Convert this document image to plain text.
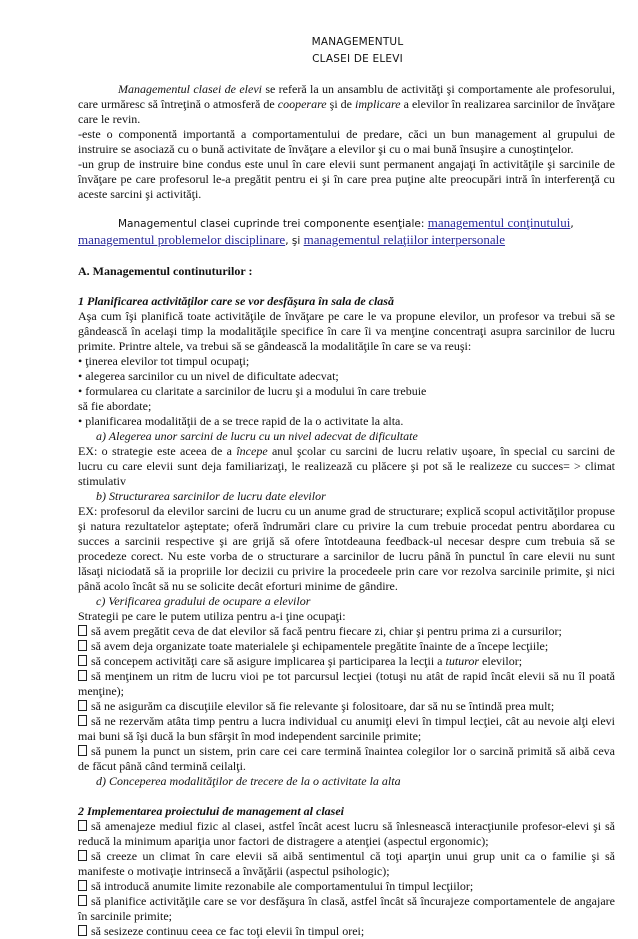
MANAGEMENTUL
CLASEI DE ELEVI

Managementul clasei de elevi se referă la un ansamblu de activităţi şi comportamente ale profesorului, care urmăresc să întreţină o atmosferă de cooperare şi de implicare a elevilor în realizarea sarcinilor de învăţare care le revin.

-este o componentă importantă a comportamentului de predare, căci un bun management al grupului de instruire se asociază cu o bună activitate de învăţare a elevilor şi cu o mai bună însuşire a cunoştinţelor.

-un grup de instruire bine condus este unul în care elevii sunt permanent angajaţi în activităţile şi sarcinile de învăţare pe care profesorul le-a pregătit pentru ei şi în care prea puţine alte preocupări intră în interferenţă cu aceste sarcini şi activităţi.

Managementul clasei cuprinde trei componente esenţiale: managementul conţinutului, managementul problemelor disciplinare, şi managementul relaţiilor interpersonale

A. Managementul continuturilor :

1 Planificarea activităţilor care se vor desfăşura în sala de clasă

Aşa cum îşi planifică toate activităţile de învăţare pe care le va propune elevilor, un profesor va trebui să se gândească în acelaşi timp la modalităţile specifice în care îi va menţine concentraţi asupra sarcinilor de lucru primite. Printre altele, va trebui să se gândească la modalităţile în care se va reuşi:

• ţinerea elevilor tot timpul ocupaţi;

• alegerea sarcinilor cu un nivel de dificultate adecvat;

• formularea cu claritate a sarcinilor de lucru şi a modului în care trebuie

să fie abordate;

• planificarea modalităţii de a se trece rapid de la o activitate la alta.

a) Alegerea unor sarcini de lucru cu un nivel adecvat de dificultate

EX: o strategie este aceea de a începe anul şcolar cu sarcini de lucru relativ uşoare, în special cu sarcini de lucru cu care elevii sunt deja familiarizaţi, le realizează cu plăcere şi pot să le realizeze cu succes= > climat stimulativ

b) Structurarea sarcinilor de lucru date elevilor

EX: profesorul da elevilor sarcini de lucru cu un anume grad de structurare; explică scopul activităţilor propuse şi natura rezultatelor aşteptate; oferă îndrumări clare cu privire la cum trebuie procedat pentru abordarea cu succes a sarcinii respective şi are grijă să ofere întotdeauna feedback-ul necesar despre cum trebuia să se procedeze corect. Nu este vorba de o structurare a sarcinilor de lucru până în punctul în care elevii nu sunt lăsaţi niciodată să ia propriile lor decizii cu privire la procedeele prin care vor rezolva sarcinile primite, şi nici până acolo încât să nu se solicite decât eforturi minime de gândire.

c) Verificarea gradului de ocupare a elevilor

Strategii pe care le putem utiliza pentru a-i ţine ocupaţi:

să avem pregătit ceva de dat elevilor să facă pentru fiecare zi, chiar şi pentru prima zi a cursurilor;

să avem deja organizate toate materialele şi echipamentele pregătite înainte de a începe lecţiile;

să concepem activităţi care să asigure implicarea şi participarea la lecţii a tuturor elevilor;

să menţinem un ritm de lucru vioi pe tot parcursul lecţiei (totuşi nu atât de rapid încât elevii să nu îl poată menţine);

să ne asigurăm ca discuţiile elevilor să fie relevante şi folositoare, dar să nu se întindă prea mult;

să ne rezervăm atâta timp pentru a lucra individual cu anumiţi elevi în timpul lecţiei, cât au nevoie alţi elevi mai buni să îşi ducă la bun sfârşit în mod independent sarcinile primite;

să punem la punct un sistem, prin care cei care termină înaintea colegilor lor o sarcină primită să aibă ceva de făcut până când termină ceilalţi.

d) Conceperea modalităţilor de trecere de la o activitate la alta

2 Implementarea proiectului de management al clasei

să amenajeze mediul fizic al clasei, astfel încât acest lucru să înlesnească interacţiunile profesor-elevi şi să reducă la minimum apariţia unor factori de distragere a atenţiei (aspectul ergonomic);

să creeze un climat în care elevii să aibă sentimentul că toţi aparţin unui grup unit ca o familie şi să manifeste o motivaţie intrinsecă a învăţării (aspectul psihologic);

să introducă anumite limite rezonabile ale comportamentului în timpul lecţiilor;

să planifice activităţile care se vor desfăşura în clasă, astfel încât să încurajeze comportamentele de angajare în sarcinile primite;

să sesizeze continuu ceea ce fac toţi elevii în timpul orei;
